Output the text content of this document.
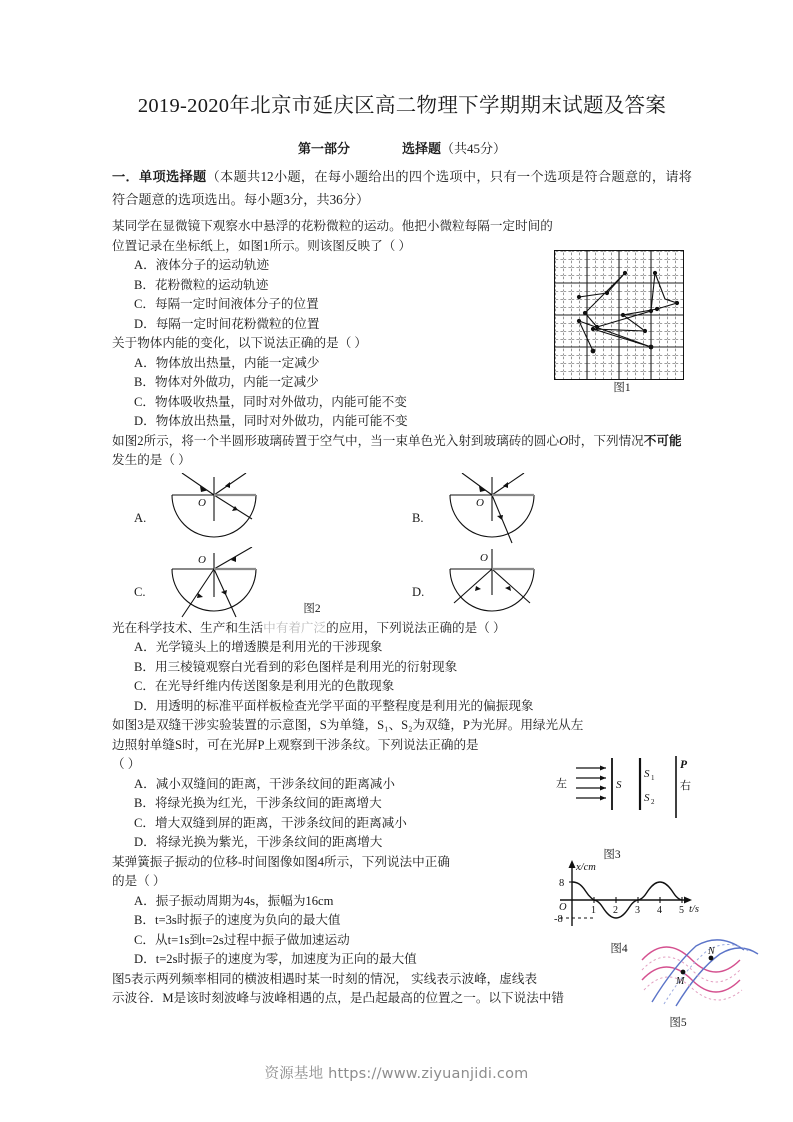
2019-2020年北京市延庆区高二物理下学期期末试题及答案
第一部分	选择题（共45分）

一．单项选择题（本题共12小题，在每小题给出的四个选项中，只有一个选项是符合题意的，请将符合题意的选项选出。每小题3分，共36分）

某同学在显微镜下观察水中悬浮的花粉微粒的运动。他把小微粒每隔一定时间的位置记录在坐标纸上，如图1所示。则该图反映了（ ）
A．液体分子的运动轨迹
B．花粉微粒的运动轨迹
C．每隔一定时间液体分子的位置
D．每隔一定时间花粉微粒的位置
关于物体内能的变化，以下说法正确的是（ ）
A．物体放出热量，内能一定减少
B．物体对外做功，内能一定减少
C．物体吸收热量，同时对外做功，内能可能不变
D．物体放出热量，同时对外做功，内能可能不变
如图2所示，将一个半圆形玻璃砖置于空气中，当一束单色光入射到玻璃砖的圆心O时，下列情况不可能发生的是（ ）
A.	B.
C.	D.
O	O
O	O
图2
光在科学技术、生产和生活中有着广泛的应用，下列说法正确的是（ ）
A．光学镜头上的增透膜是利用光的干涉现象
B．用三棱镜观察白光看到的彩色图样是利用光的衍射现象
C．在光导纤维内传送图象是利用光的色散现象
D．用透明的标准平面样板检查光学平面的平整程度是利用光的偏振现象
如图3是双缝干涉实验装置的示意图，S为单缝，S₁、S₂为双缝，P为光屏。用绿光从左
边照射单缝S时，可在光屏P上观察到干涉条纹。下列说法正确的是
（ ）
A．减小双缝间的距离，干涉条纹间的距离减小
B．将绿光换为红光，干涉条纹间的距离增大
C．增大双缝到屏的距离，干涉条纹间的距离减小
D．将绿光换为紫光，干涉条纹间的距离增大
某弹簧振子振动的位移-时间图像如图4所示，下列说法中正确
的是（ ）
A．振子振动周期为4s，振幅为16cm
B．t=3s时振子的速度为负向的最大值
C．从t=1s到t=2s过程中振子做加速运动
D．t=2s时振子的速度为零，加速度为正向的最大值
图5表示两列频率相同的横波相遇时某一时刻的情况， 实线表示波峰，虚线表
示波谷．M是该时刻波峰与波峰相遇的点，是凸起最高的位置之一。以下说法中错
图1
左	S
S 1
S 2
P
右
图3
x/cm
8
-8
O 1 2 3 4 5 t/s
图4
M
N
图5
资源基地 https://www.ziyuanjidi.com
